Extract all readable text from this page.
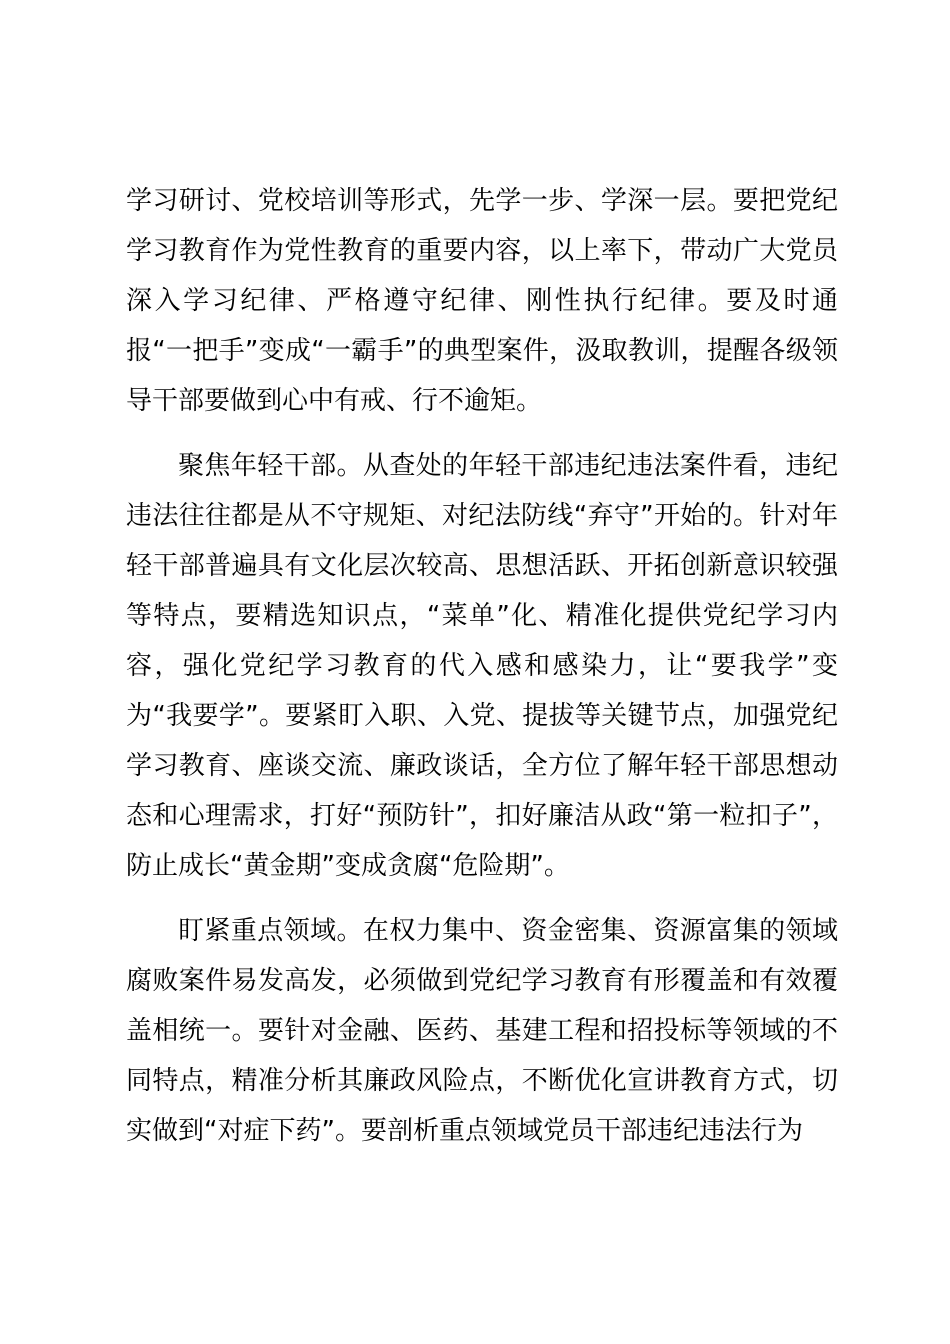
学习研讨、党校培训等形式，先学一步、学深一层。要把党纪学习教育作为党性教育的重要内容，以上率下，带动广大党员深入学习纪律、严格遵守纪律、刚性执行纪律。要及时通报“一把手”变成“一霸手”的典型案件，汲取教训，提醒各级领导干部要做到心中有戒、行不逾矩。

聚焦年轻干部。从查处的年轻干部违纪违法案件看，违纪违法往往都是从不守规矩、对纪法防线“弃守”开始的。针对年轻干部普遍具有文化层次较高、思想活跃、开拓创新意识较强等特点，要精选知识点，“菜单”化、精准化提供党纪学习内容，强化党纪学习教育的代入感和感染力，让“要我学”变为“我要学”。要紧盯入职、入党、提拔等关键节点，加强党纪学习教育、座谈交流、廉政谈话，全方位了解年轻干部思想动态和心理需求，打好“预防针”，扣好廉洁从政“第一粒扣子”，防止成长“黄金期”变成贪腐“危险期”。

盯紧重点领域。在权力集中、资金密集、资源富集的领域腐败案件易发高发，必须做到党纪学习教育有形覆盖和有效覆盖相统一。要针对金融、医药、基建工程和招投标等领域的不同特点，精准分析其廉政风险点，不断优化宣讲教育方式，切实做到“对症下药”。要剖析重点领域党员干部违纪违法行为
